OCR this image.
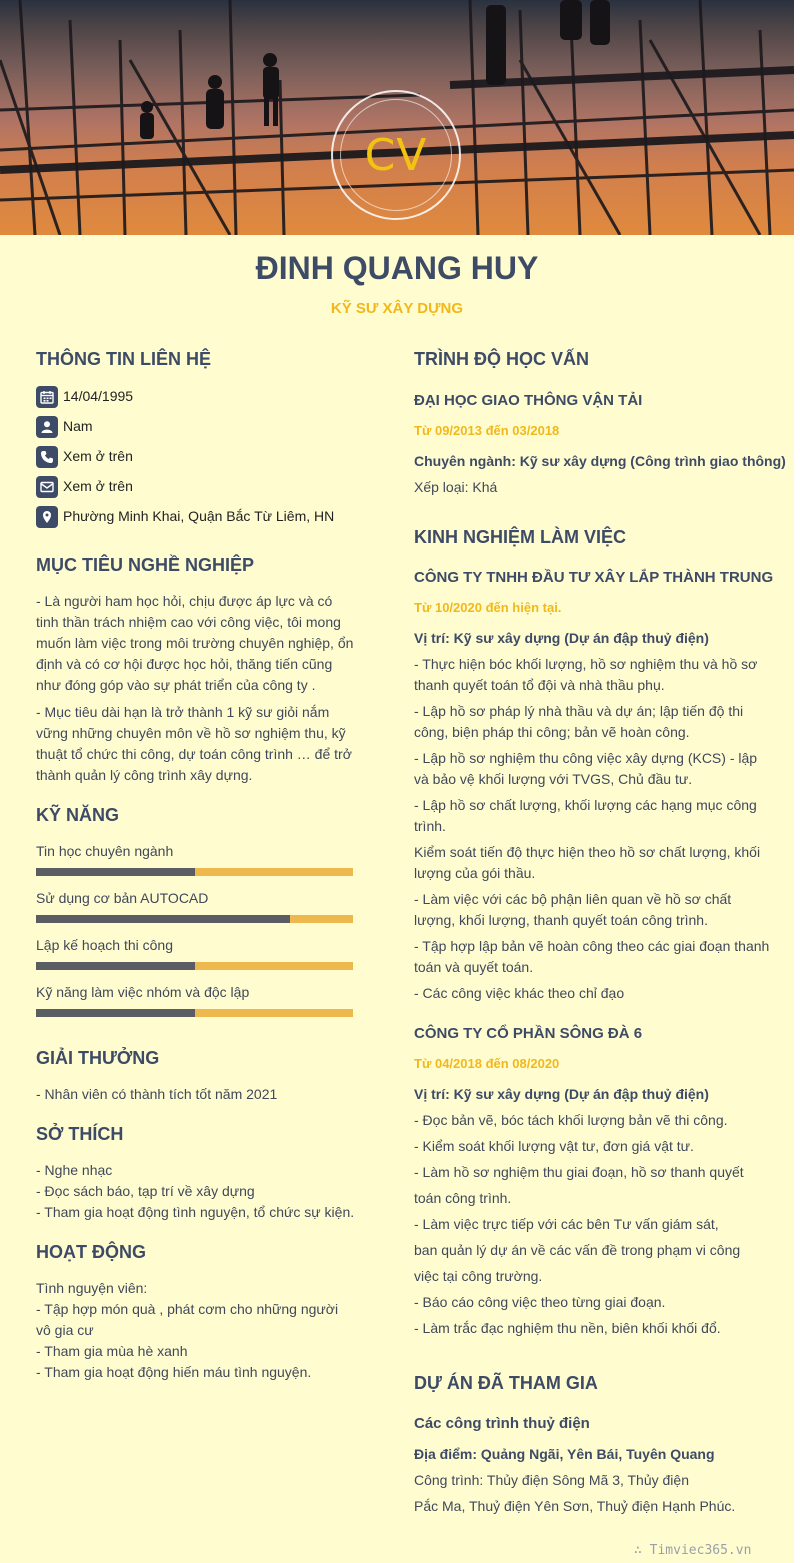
CV
ĐINH QUANG HUY
KỸ SƯ XÂY DỰNG
THÔNG TIN LIÊN HỆ
14/04/1995
Nam
Xem ở trên
Xem ở trên
Phường Minh Khai, Quận Bắc Từ Liêm, HN
MỤC TIÊU NGHỀ NGHIỆP
- Là người ham học hỏi, chịu được áp lực và có tinh thần trách nhiệm cao với công việc, tôi mong muốn làm việc trong môi trường chuyên nghiệp, ổn định và có cơ hội được học hỏi, thăng tiến cũng như đóng góp vào sự phát triển của công ty .
- Mục tiêu dài hạn là trở thành 1 kỹ sư giỏi nắm vững những chuyên môn về hồ sơ nghiệm thu, kỹ thuật tổ chức thi công, dự toán công trình … để trở thành quản lý công trình xây dựng.
KỸ NĂNG
Tin học chuyên ngành
Sử dụng cơ bản AUTOCAD
Lập kế hoạch thi công
Kỹ năng làm việc nhóm và độc lập
GIẢI THƯỞNG
- Nhân viên có thành tích tốt năm 2021
SỞ THÍCH
- Nghe nhạc
- Đọc sách báo, tạp trí về xây dựng
- Tham gia hoạt động tình nguyện, tổ chức sự kiện.
HOẠT ĐỘNG
Tình nguyện viên:
- Tập hợp món quà , phát cơm cho những người vô gia cư
- Tham gia mùa hè xanh
- Tham gia hoạt động hiến máu tình nguyện.
TRÌNH ĐỘ HỌC VẤN
ĐẠI HỌC GIAO THÔNG VẬN TẢI
Từ 09/2013 đến 03/2018
Chuyên ngành: Kỹ sư xây dựng (Công trình giao thông)
Xếp loại: Khá
KINH NGHIỆM LÀM VIỆC
CÔNG TY TNHH ĐẦU TƯ XÂY LẮP THÀNH TRUNG
Từ 10/2020 đến hiện tại.
Vị trí: Kỹ sư xây dựng (Dự án đập thuỷ điện)
- Thực hiện bóc khối lượng, hồ sơ nghiệm thu và hồ sơ thanh quyết toán tổ đội và nhà thầu phụ.
- Lập hồ sơ pháp lý nhà thầu và dự án; lập tiến độ thi công, biện pháp thi công; bản vẽ hoàn công.
- Lập hồ sơ nghiệm thu công việc xây dựng (KCS) - lập và bảo vệ khối lượng với TVGS, Chủ đầu tư.
- Lập hồ sơ chất lượng, khối lượng các hạng mục công trình.
Kiểm soát tiến độ thực hiện theo hồ sơ chất lượng, khối lượng của gói thầu.
- Làm việc với các bộ phận liên quan về hồ sơ chất lượng, khối lượng, thanh quyết toán công trình.
- Tập hợp lập bản vẽ hoàn công theo các giai đoạn thanh toán và quyết toán.
- Các công việc khác theo chỉ đạo
CÔNG TY CỔ PHẦN SÔNG ĐÀ 6
Từ 04/2018 đến 08/2020
Vị trí: Kỹ sư xây dựng (Dự án đập thuỷ điện)
- Đọc bản vẽ, bóc tách khối lượng bản vẽ thi công.
- Kiểm soát khối lượng vật tư, đơn giá vật tư.
- Làm hồ sơ nghiệm thu giai đoạn, hồ sơ thanh quyết
toán công trình.
- Làm việc trực tiếp với các bên Tư vấn giám sát,
ban quản lý dự án về các vấn đề trong phạm vi công
việc tại công trường.
- Báo cáo công việc theo từng giai đoạn.
- Làm trắc đạc nghiệm thu nền, biên khối khối đổ.
DỰ ÁN ĐÃ THAM GIA
Các công trình thuỷ điện
Địa điểm: Quảng Ngãi, Yên Bái, Tuyên Quang
Công trình: Thủy điện Sông Mã 3, Thủy điện
Pắc Ma, Thuỷ điện Yên Sơn, Thuỷ điện Hạnh Phúc.
∴ Timviec365.vn
